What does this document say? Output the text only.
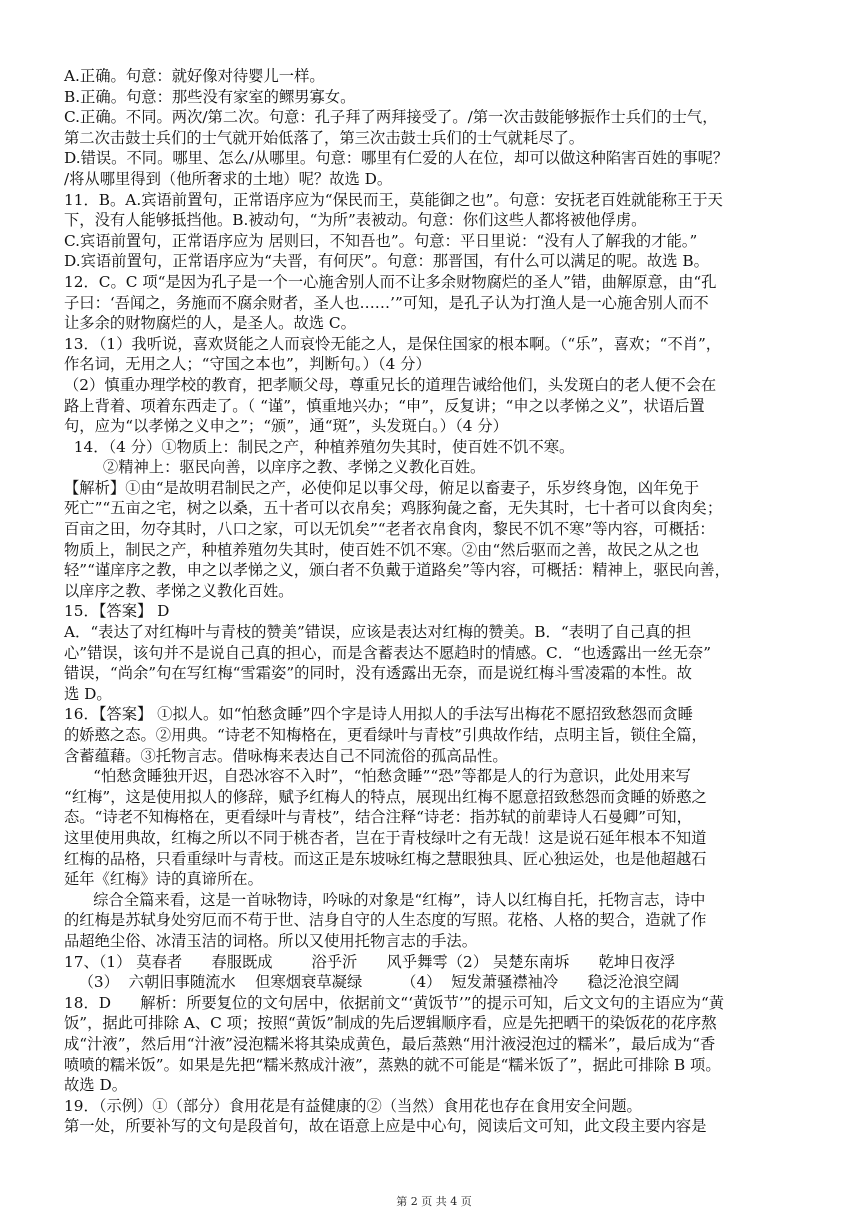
A.正确。句意：就好像对待婴儿一样。

B.正确。句意：那些没有家室的鳏男寡女。

C.正确。不同。两次/第二次。句意：孔子拜了两拜接受了。/第一次击鼓能够振作士兵们的士气，

第二次击鼓士兵们的士气就开始低落了，第三次击鼓士兵们的士气就耗尽了。

D.错误。不同。哪里、怎么/从哪里。句意：哪里有仁爱的人在位，却可以做这种陷害百姓的事呢？

/将从哪里得到（他所奢求的土地）呢？故选 D。

11．B。A.宾语前置句，正常语序应为“保民而王，莫能御之也”。句意：安抚老百姓就能称王于天

下，没有人能够抵挡他。B.被动句，“为所”表被动。句意：你们这些人都将被他俘虏。

C.宾语前置句，正常语序应为 居则曰，不知吾也”。句意：平日里说：“没有人了解我的才能。”

D.宾语前置句，正常语序应为“夫晋，有何厌”。句意：那晋国，有什么可以满足的呢。故选 B。

12．C。C 项“是因为孔子是一个一心施舍别人而不让多余财物腐烂的圣人”错，曲解原意，由“孔

子曰：‘吾闻之，务施而不腐余财者，圣人也……’”可知，是孔子认为打渔人是一心施舍别人而不

让多余的财物腐烂的人，是圣人。故选 C。

13．（1）我听说，喜欢贤能之人而哀怜无能之人，是保住国家的根本啊。（“乐”，喜欢；“不肖”，

作名词，无用之人；“守国之本也”，判断句。）（4 分）

（2）慎重办理学校的教育，把孝顺父母，尊重兄长的道理告诫给他们，头发斑白的老人便不会在

路上背着、项着东西走了。（ “谨”，慎重地兴办；“申”，反复讲；“申之以孝悌之义”，状语后置

句，应为“以孝悌之义申之”；“颁”，通“斑”，头发斑白。）（4 分）

14．（4 分）①物质上：制民之产，种植养殖勿失其时，使百姓不饥不寒。

②精神上：驱民向善，以庠序之教、孝悌之义教化百姓。

【解析】①由“是故明君制民之产，必使仰足以事父母，俯足以畜妻子，乐岁终身饱，凶年免于

死亡”“五亩之宅，树之以桑，五十者可以衣帛矣；鸡豚狗彘之畜，无失其时，七十者可以食肉矣；

百亩之田，勿夺其时，八口之家，可以无饥矣”“老者衣帛食肉，黎民不饥不寒”等内容，可概括：

物质上，制民之产，种植养殖勿失其时，使百姓不饥不寒。②由“然后驱而之善，故民之从之也

轻”“谨庠序之教，申之以孝悌之义，颁白者不负戴于道路矣”等内容，可概括：精神上，驱民向善，

以庠序之教、孝悌之义教化百姓。

15．【答案】 D

A．“表达了对红梅叶与青枝的赞美”错误，应该是表达对红梅的赞美。B．“表明了自己真的担

心”错误，该句并不是说自己真的担心，而是含蓄表达不愿趋时的情感。C．“也透露出一丝无奈”

错误，“尚余”句在写红梅“雪霜姿”的同时，没有透露出无奈，而是说红梅斗雪凌霜的本性。故

选 D。

16．【答案】 ①拟人。如“怕愁贪睡”四个字是诗人用拟人的手法写出梅花不愿招致愁怨而贪睡

的娇憨之态。②用典。“诗老不知梅格在，更看绿叶与青枝”引典故作结，点明主旨，锁住全篇，

含蓄蕴藉。③托物言志。借咏梅来表达自己不同流俗的孤高品性。

“怕愁贪睡独开迟，自恐冰容不入时”，“怕愁贪睡”“恐”等都是人的行为意识，此处用来写

“红梅”，这是使用拟人的修辞，赋予红梅人的特点，展现出红梅不愿意招致愁怨而贪睡的娇憨之

态。“诗老不知梅格在，更看绿叶与青枝”，结合注释“诗老：指苏轼的前辈诗人石曼卿”可知，

这里使用典故，红梅之所以不同于桃杏者，岂在于青枝绿叶之有无哉！这是说石延年根本不知道

红梅的品格，只看重绿叶与青枝。而这正是东坡咏红梅之慧眼独具、匠心独运处，也是他超越石

延年《红梅》诗的真谛所在。

综合全篇来看，这是一首咏物诗，吟咏的对象是“红梅”，诗人以红梅自托，托物言志，诗中

的红梅是苏轼身处穷厄而不苟于世、洁身自守的人生态度的写照。花格、人格的契合，造就了作

品超绝尘俗、冰清玉洁的词格。所以又使用托物言志的手法。

17、（1） 莫春者      春服既成        浴乎沂      风乎舞雩（2） 吴楚东南坼      乾坤日夜浮

（3）  六朝旧事随流水    但寒烟衰草凝绿        （4）  短发萧骚襟袖冷      稳泛沧浪空阔

18．D      解析：所要复位的文句居中，依据前文“‘黄饭节’”的提示可知，后文文句的主语应为“黄

饭”，据此可排除 A、C 项；按照“黄饭”制成的先后逻辑顺序看，应是先把晒干的染饭花的花序熬

成“汁液”，然后用“汁液”浸泡糯米将其染成黄色，最后蒸熟“用汁液浸泡过的糯米”，最后成为“香

喷喷的糯米饭”。如果是先把“糯米熬成汁液”，蒸熟的就不可能是“糯米饭了”，据此可排除 B 项。

故选 D。

19．（示例）①（部分）食用花是有益健康的②（当然）食用花也存在食用安全问题。

第一处，所要补写的文句是段首句，故在语意上应是中心句，阅读后文可知，此文段主要内容是

第 2 页 共 4 页
